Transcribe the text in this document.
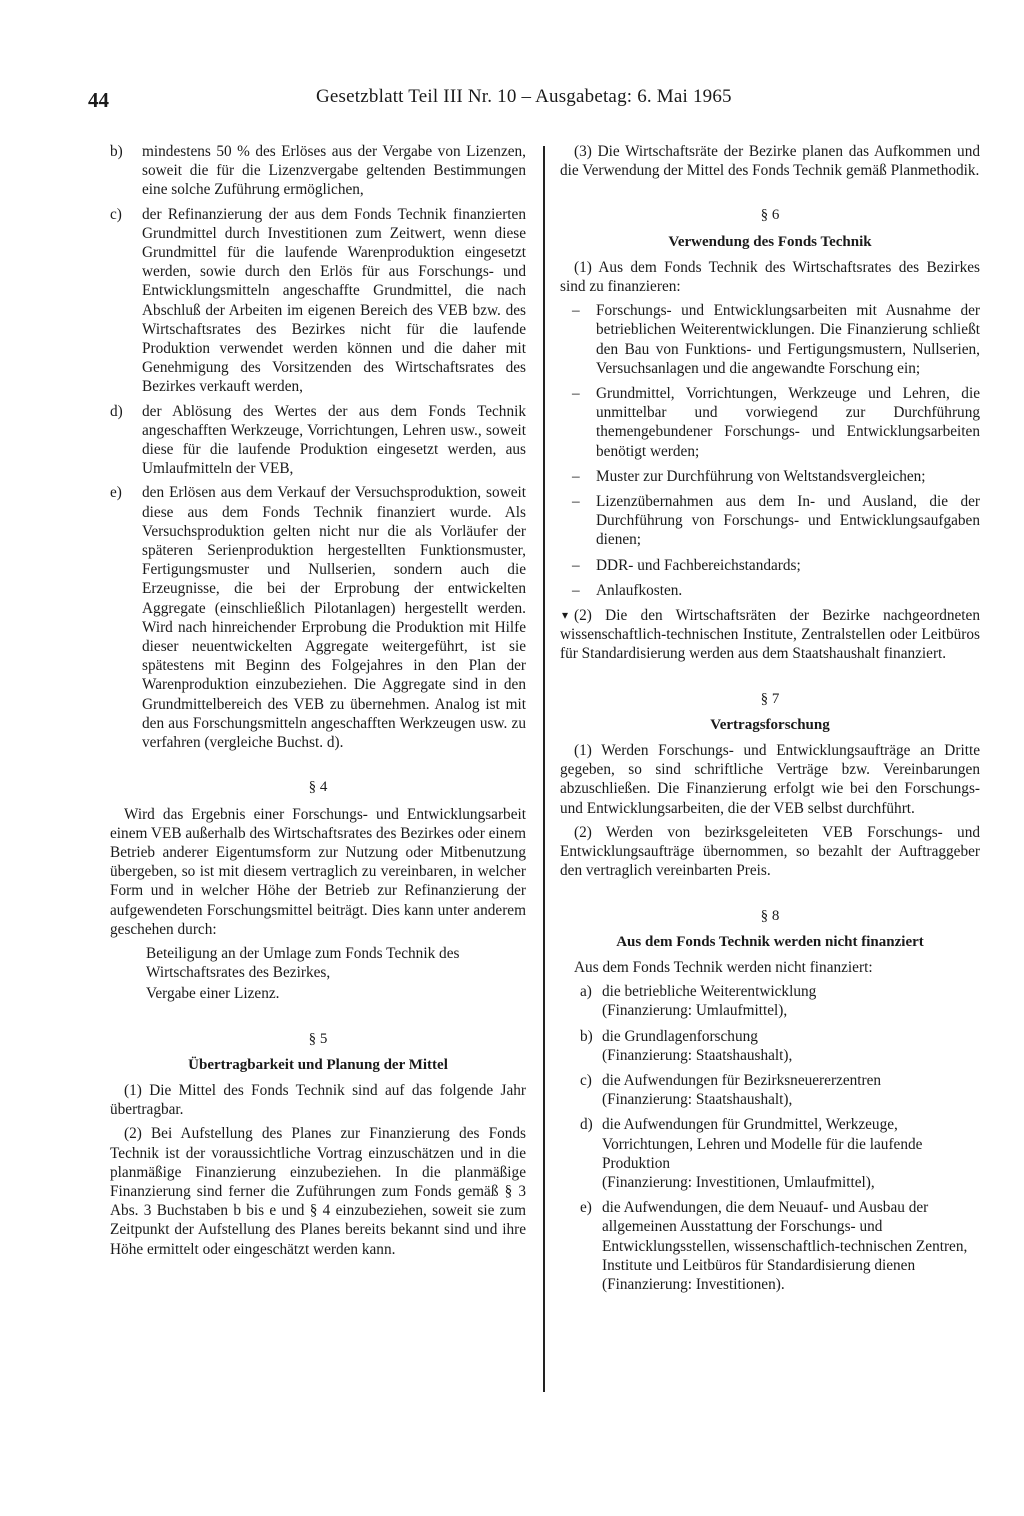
44	Gesetzblatt Teil III Nr. 10 – Ausgabetag: 6. Mai 1965
b) mindestens 50 % des Erlöses aus der Vergabe von Lizenzen, soweit die für die Lizenzvergabe geltenden Bestimmungen eine solche Zuführung ermöglichen,
c) der Refinanzierung der aus dem Fonds Technik finanzierten Grundmittel durch Investitionen zum Zeitwert, wenn diese Grundmittel für die laufende Warenproduktion eingesetzt werden, sowie durch den Erlös für aus Forschungs- und Entwicklungsmitteln angeschaffte Grundmittel, die nach Abschluß der Arbeiten im eigenen Bereich des VEB bzw. des Wirtschaftsrates des Bezirkes nicht für die laufende Produktion verwendet werden können und die daher mit Genehmigung des Vorsitzenden des Wirtschaftsrates des Bezirkes verkauft werden,
d) der Ablösung des Wertes der aus dem Fonds Technik angeschafften Werkzeuge, Vorrichtungen, Lehren usw., soweit diese für die laufende Produktion eingesetzt werden, aus Umlaufmitteln der VEB,
e) den Erlösen aus dem Verkauf der Versuchsproduktion, soweit diese aus dem Fonds Technik finanziert wurde. Als Versuchsproduktion gelten nicht nur die als Vorläufer der späteren Serienproduktion hergestellten Funktionsmuster, Fertigungsmuster und Nullserien, sondern auch die Erzeugnisse, die bei der Erprobung der entwickelten Aggregate (einschließlich Pilotanlagen) hergestellt werden. Wird nach hinreichender Erprobung die Produktion mit Hilfe dieser neuentwickelten Aggregate weitergeführt, ist sie spätestens mit Beginn des Folgejahres in den Plan der Warenproduktion einzubeziehen. Die Aggregate sind in den Grundmittelbereich des VEB zu übernehmen. Analog ist mit den aus Forschungsmitteln angeschafften Werkzeugen usw. zu verfahren (vergleiche Buchst. d).
§ 4

Wird das Ergebnis einer Forschungs- und Entwicklungsarbeit einem VEB außerhalb des Wirtschaftsrates des Bezirkes oder einem Betrieb anderer Eigentumsform zur Nutzung oder Mitbenutzung übergeben, so ist mit diesem vertraglich zu vereinbaren, in welcher Form und in welcher Höhe der Betrieb zur Refinanzierung der aufgewendeten Forschungsmittel beiträgt. Dies kann unter anderem geschehen durch:

Beteiligung an der Umlage zum Fonds Technik des Wirtschaftsrates des Bezirkes,
Vergabe einer Lizenz.
§ 5
Übertragbarkeit und Planung der Mittel

(1) Die Mittel des Fonds Technik sind auf das folgende Jahr übertragbar.

(2) Bei Aufstellung des Planes zur Finanzierung des Fonds Technik ist der voraussichtliche Vortrag einzuschätzen und in die planmäßige Finanzierung einzubeziehen. In die planmäßige Finanzierung sind ferner die Zuführungen zum Fonds gemäß § 3 Abs. 3 Buchstaben b bis e und § 4 einzubeziehen, soweit sie zum Zeitpunkt der Aufstellung des Planes bereits bekannt sind und ihre Höhe ermittelt oder eingeschätzt werden kann.

(3) Die Wirtschaftsräte der Bezirke planen das Aufkommen und die Verwendung der Mittel des Fonds Technik gemäß Planmethodik.

§ 6
Verwendung des Fonds Technik

(1) Aus dem Fonds Technik des Wirtschaftsrates des Bezirkes sind zu finanzieren:

– Forschungs- und Entwicklungsarbeiten mit Ausnahme der betrieblichen Weiterentwicklungen. Die Finanzierung schließt den Bau von Funktions- und Fertigungsmustern, Nullserien, Versuchsanlagen und die angewandte Forschung ein;
– Grundmittel, Vorrichtungen, Werkzeuge und Lehren, die unmittelbar und vorwiegend zur Durchführung themengebundener Forschungs- und Entwicklungsarbeiten benötigt werden;
– Muster zur Durchführung von Weltstandsvergleichen;
– Lizenzübernahmen aus dem In- und Ausland, die der Durchführung von Forschungs- und Entwicklungsaufgaben dienen;
– DDR- und Fachbereichstandards;
– Anlaufkosten.

▾ (2) Die den Wirtschaftsräten der Bezirke nachgeordneten wissenschaftlich-technischen Institute, Zentralstellen oder Leitbüros für Standardisierung werden aus dem Staatshaushalt finanziert.

§ 7
Vertragsforschung

(1) Werden Forschungs- und Entwicklungsaufträge an Dritte gegeben, so sind schriftliche Verträge bzw. Vereinbarungen abzuschließen. Die Finanzierung erfolgt wie bei den Forschungs- und Entwicklungsarbeiten, die der VEB selbst durchführt.

(2) Werden von bezirksgeleiteten VEB Forschungs- und Entwicklungsaufträge übernommen, so bezahlt der Auftraggeber den vertraglich vereinbarten Preis.

§ 8
Aus dem Fonds Technik werden nicht finanziert

Aus dem Fonds Technik werden nicht finanziert:

a) die betriebliche Weiterentwicklung
(Finanzierung: Umlaufmittel),
b) die Grundlagenforschung
(Finanzierung: Staatshaushalt),
c) die Aufwendungen für Bezirksneuererzentren
(Finanzierung: Staatshaushalt),
d) die Aufwendungen für Grundmittel, Werkzeuge, Vorrichtungen, Lehren und Modelle für die laufende Produktion
(Finanzierung: Investitionen, Umlaufmittel),
e) die Aufwendungen, die dem Neuauf- und Ausbau der allgemeinen Ausstattung der Forschungs- und Entwicklungsstellen, wissenschaftlich-technischen Zentren, Institute und Leitbüros für Standardisierung dienen
(Finanzierung: Investitionen).
